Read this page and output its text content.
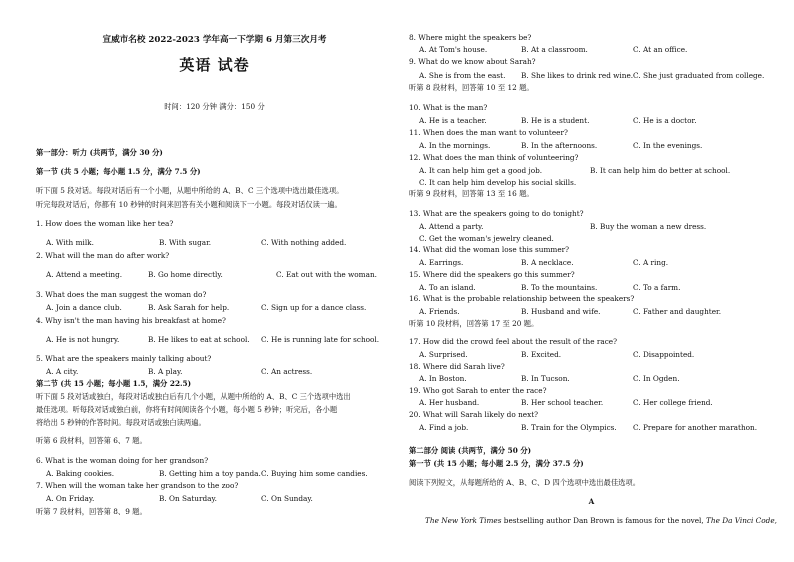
宣威市名校 2022-2023 学年高一下学期 6 月第三次月考
英语 试卷
时间：120 分钟 满分：150 分
第一部分：听力 (共两节，满分 30 分)
第一节 (共 5 小题；每小题 1.5 分，满分 7.5 分)
听下面 5 段对话。每段对话后有一个小题，从题中所给的 A、B、C 三个选项中选出最佳选项。
听完每段对话后，你都有 10 秒钟的时间来回答有关小题和阅读下一小题。每段对话仅读一遍。
1. How does the woman like her tea?
A. With milk.	B. With sugar.	C. With nothing added.
2. What will the man do after work?
A. Attend a meeting.	B. Go home directly.	C. Eat out with the woman.
3. What does the man suggest the woman do?
A. Join a dance club.	B. Ask Sarah for help.	C. Sign up for a dance class.
4. Why isn't the man having his breakfast at home?
A. He is not hungry.	B. He likes to eat at school. C. He is running late for school.
5. What are the speakers mainly talking about?
A. A city.	B. A play.	C. An actress.
第二节 (共 15 小题；每小题 1.5，满分 22.5)
听下面 5 段对话或独白，每段对话或独白后有几个小题，从题中所给的 A、B、C 三个选项中选出
最佳选项。听每段对话或独白前，你将有时间阅读各个小题，每小题 5 秒钟；听完后，各小题
将给出 5 秒钟的作答时间。每段对话或独白读两遍。
听第 6 段材料，回答第 6、7 题。
6. What is the woman doing for her grandson?
A. Baking cookies.	B. Getting him a toy panda. C. Buying him some candies.
7. When will the woman take her grandson to the zoo?
A. On Friday.	B. On Saturday.	C. On Sunday.
听第 7 段材料，回答第 8、9 题。
8. Where might the speakers be?
A. At Tom's house.	B. At a classroom.	C. At an office.
9. What do we know about Sarah?
A. She is from the east. B. She likes to drink red wine. C. She just graduated from college.
听第 8 段材料，回答第 10 至 12 题。
10. What is the man?
A. He is a teacher.	B. He is a student.	C. He is a doctor.
11. When does the man want to volunteer?
A. In the mornings.	B. In the afternoons.	C. In the evenings.
12. What does the man think of volunteering?
A. It can help him get a good job.	B. It can help him do better at school.
C. It can help him develop his social skills.
听第 9 段材料，回答第 13 至 16 题。
13. What are the speakers going to do tonight?
A. Attend a party.	B. Buy the woman a new dress.
C. Get the woman's jewelry cleaned.
14. What did the woman lose this summer?
A. Earrings.	B. A necklace.	C. A ring.
15. Where did the speakers go this summer?
A. To an island.	B. To the mountains.	C. To a farm.
16. What is the probable relationship between the speakers?
A. Friends.	B. Husband and wife.	C. Father and daughter.
听第 10 段材料，回答第 17 至 20 题。
17. How did the crowd feel about the result of the race?
A. Surprised.	B. Excited.	C. Disappointed.
18. Where did Sarah live?
A. In Boston.	B. In Tucson.	C. In Ogden.
19. Who got Sarah to enter the race?
A. Her husband.	B. Her school teacher.	C. Her college friend.
20. What will Sarah likely do next?
A. Find a job.	B. Train for the Olympics. C. Prepare for another marathon.
第二部分 阅读 (共两节，满分 50 分)
第一节 (共 15 小题；每小题 2.5 分，满分 37.5 分)
阅读下列短文，从每题所给的 A、B、C、D 四个选项中选出最佳选项。
A
The New York Times bestselling author Dan Brown is famous for the novel, The Da Vinci Code,
